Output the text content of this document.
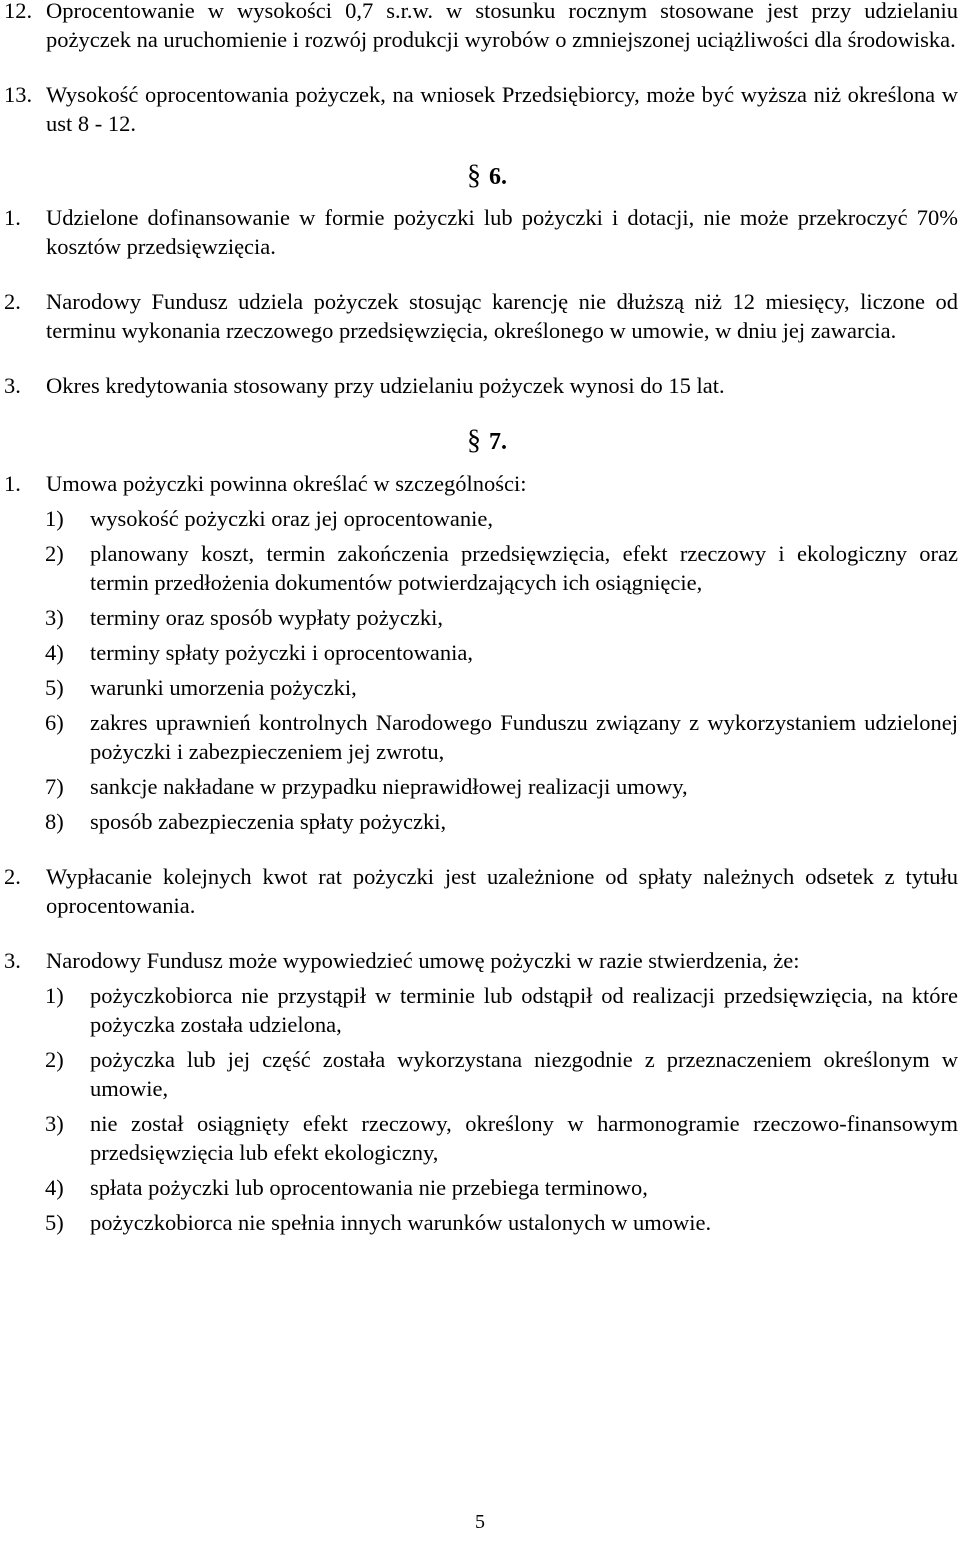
12. Oprocentowanie w wysokości 0,7 s.r.w. w stosunku rocznym stosowane jest przy udzielaniu pożyczek na uruchomienie i rozwój produkcji wyrobów o zmniejszonej uciążliwości dla środowiska.
13. Wysokość oprocentowania pożyczek, na wniosek Przedsiębiorcy, może być wyższa niż określona w ust 8 - 12.
§ 6.
1. Udzielone dofinansowanie w formie pożyczki lub pożyczki i dotacji, nie może przekroczyć 70% kosztów przedsięwzięcia.
2. Narodowy Fundusz udziela pożyczek stosując karencję nie dłuższą niż 12 miesięcy, liczone od terminu wykonania rzeczowego przedsięwzięcia, określonego w umowie, w dniu jej zawarcia.
3. Okres kredytowania stosowany przy udzielaniu pożyczek wynosi do 15 lat.
§ 7.
1. Umowa pożyczki powinna określać w szczególności:
1) wysokość pożyczki oraz jej oprocentowanie,
2) planowany koszt, termin zakończenia przedsięwzięcia, efekt rzeczowy i ekologiczny oraz termin przedłożenia dokumentów potwierdzających ich osiągnięcie,
3) terminy oraz sposób wypłaty pożyczki,
4) terminy spłaty pożyczki i oprocentowania,
5) warunki umorzenia pożyczki,
6) zakres uprawnień kontrolnych Narodowego Funduszu związany z wykorzystaniem udzielonej pożyczki i zabezpieczeniem jej zwrotu,
7) sankcje nakładane w przypadku nieprawidłowej realizacji umowy,
8) sposób zabezpieczenia spłaty pożyczki,
2. Wypłacanie kolejnych kwot rat pożyczki jest uzależnione od spłaty należnych odsetek z tytułu oprocentowania.
3. Narodowy Fundusz może wypowiedzieć umowę pożyczki w razie stwierdzenia, że:
1) pożyczkobiorca nie przystąpił w terminie lub odstąpił od realizacji przedsięwzięcia, na które pożyczka została udzielona,
2) pożyczka lub jej część została wykorzystana niezgodnie z przeznaczeniem określonym w umowie,
3) nie został osiągnięty efekt rzeczowy, określony w harmonogramie rzeczowo-finansowym przedsięwzięcia lub efekt ekologiczny,
4) spłata pożyczki lub oprocentowania nie przebiega terminowo,
5) pożyczkobiorca nie spełnia innych warunków ustalonych w umowie.
5
